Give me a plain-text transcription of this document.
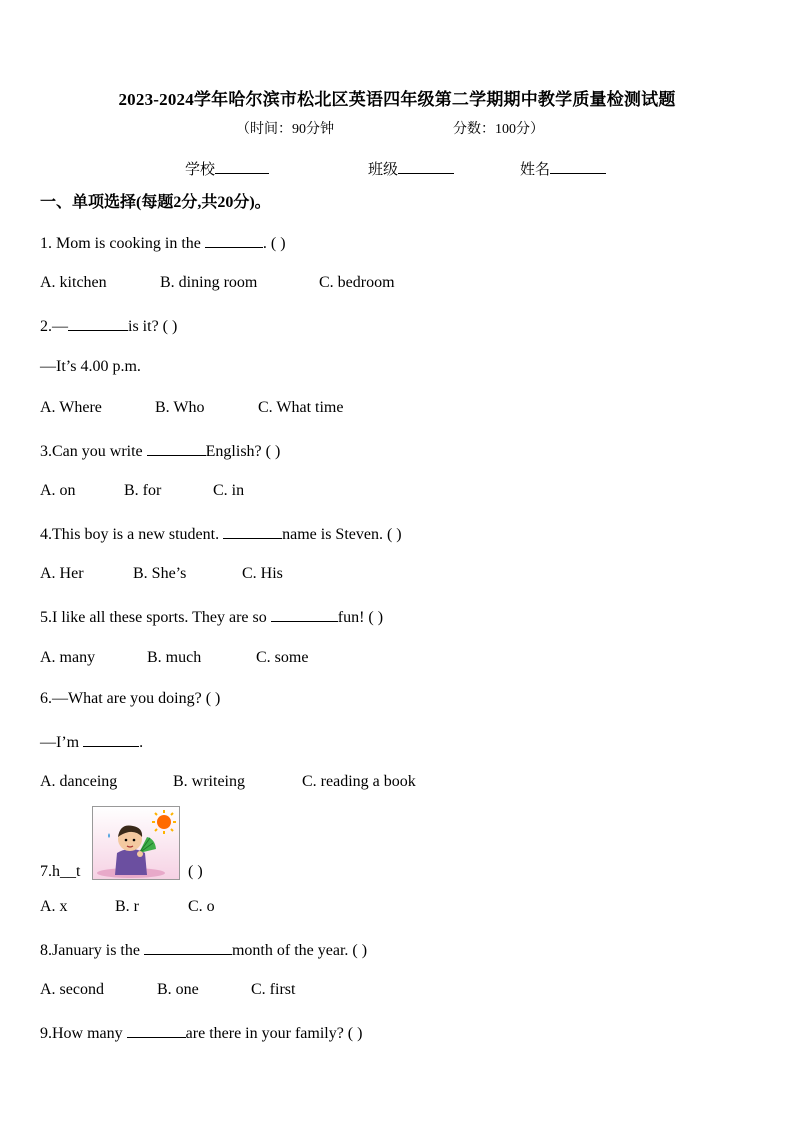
2023-2024学年哈尔滨市松北区英语四年级第二学期期中教学质量检测试题
（时间：90分钟	分数：100分）
学校	班级	姓名
一、单项选择(每题2分,共20分)。
1. Mom is cooking in the	. ( )
A. kitchen	B. dining room	C. bedroom
2.—	is it? ( )
—It’s 4.00 p.m.
A. Where	B. Who	C. What time
3.Can you write	English? ( )
A. on	B. for	C. in
4.This boy is a new student.	name is Steven. ( )
A. Her	B. She’s	C. His
5.I like all these sports. They are so	fun! ( )
A. many	B. much	C. some
6.—What are you doing? ( )
—I’m	.
A. danceing	B. writeing	C. reading a book
7.h__t	( )
A. x	B. r	C. o
8.January is the	month of the year. ( )
A. second	B. one	C. first
9.How many	are there in your family? ( )
